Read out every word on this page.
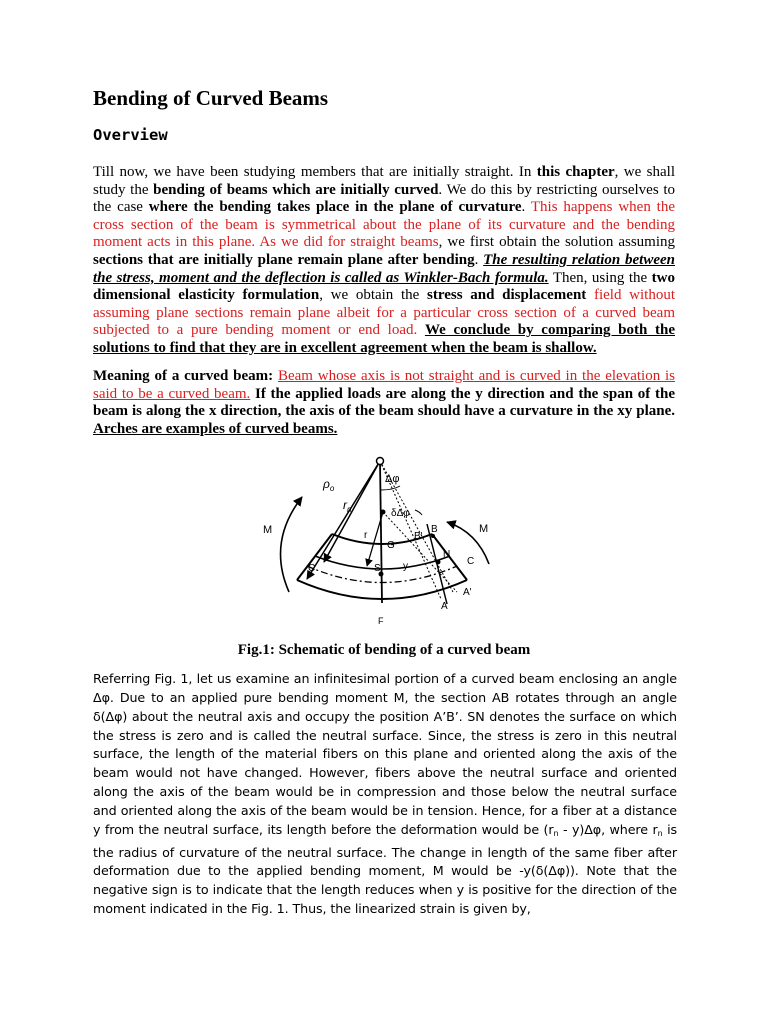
Bending of Curved Beams
Overview

Till now, we have been studying members that are initially straight. In this chapter, we shall study the bending of beams which are initially curved. We do this by restricting ourselves to the case where the bending takes place in the plane of curvature. This happens when the cross section of the beam is symmetrical about the plane of its curvature and the bending moment acts in this plane. As we did for straight beams, we first obtain the solution assuming sections that are initially plane remain plane after bending. The resulting relation between the stress, moment and the deflection is called as Winkler-Bach formula. Then, using the two dimensional elasticity formulation, we obtain the stress and displacement field without assuming plane sections remain plane albeit for a particular cross section of a curved beam subjected to a pure bending moment or end load. We conclude by comparing both the solutions to find that they are in excellent agreement when the beam is shallow.

Meaning of a curved beam: Beam whose axis is not straight and is curved in the elevation is said to be a curved beam. If the applied loads are along the y direction and the span of the beam is along the x direction, the axis of the beam should have a curvature in the xy plane. Arches are examples of curved beams.

$\rho_o$
Δφ
$r_n$	δΔφ
M	M
r
G
B
B'
N
C
C
S y
A'
A
F

Fig.1: Schematic of bending of a curved beam

Referring Fig. 1, let us examine an infinitesimal portion of a curved beam enclosing an angle Δφ. Due to an applied pure bending moment M, the section AB rotates through an angle δ(Δφ) about the neutral axis and occupy the position A’B’. SN denotes the surface on which the stress is zero and is called the neutral surface. Since, the stress is zero in this neutral surface, the length of the material fibers on this plane and oriented along the axis of the beam would not have changed. However, fibers above the neutral surface and oriented along the axis of the beam would be in compression and those below the neutral surface and oriented along the axis of the beam would be in tension. Hence, for a fiber at a distance y from the neutral surface, its length before the deformation would be $(r_n - y)\Delta\varphi$, where $r_n$ is the radius of curvature of the neutral surface. The change in length of the same fiber after deformation due to the applied bending moment, M would be -y(δ(Δφ)). Note that the negative sign is to indicate that the length reduces when y is positive for the direction of the moment indicated in the Fig. 1. Thus, the linearized strain is given by,
